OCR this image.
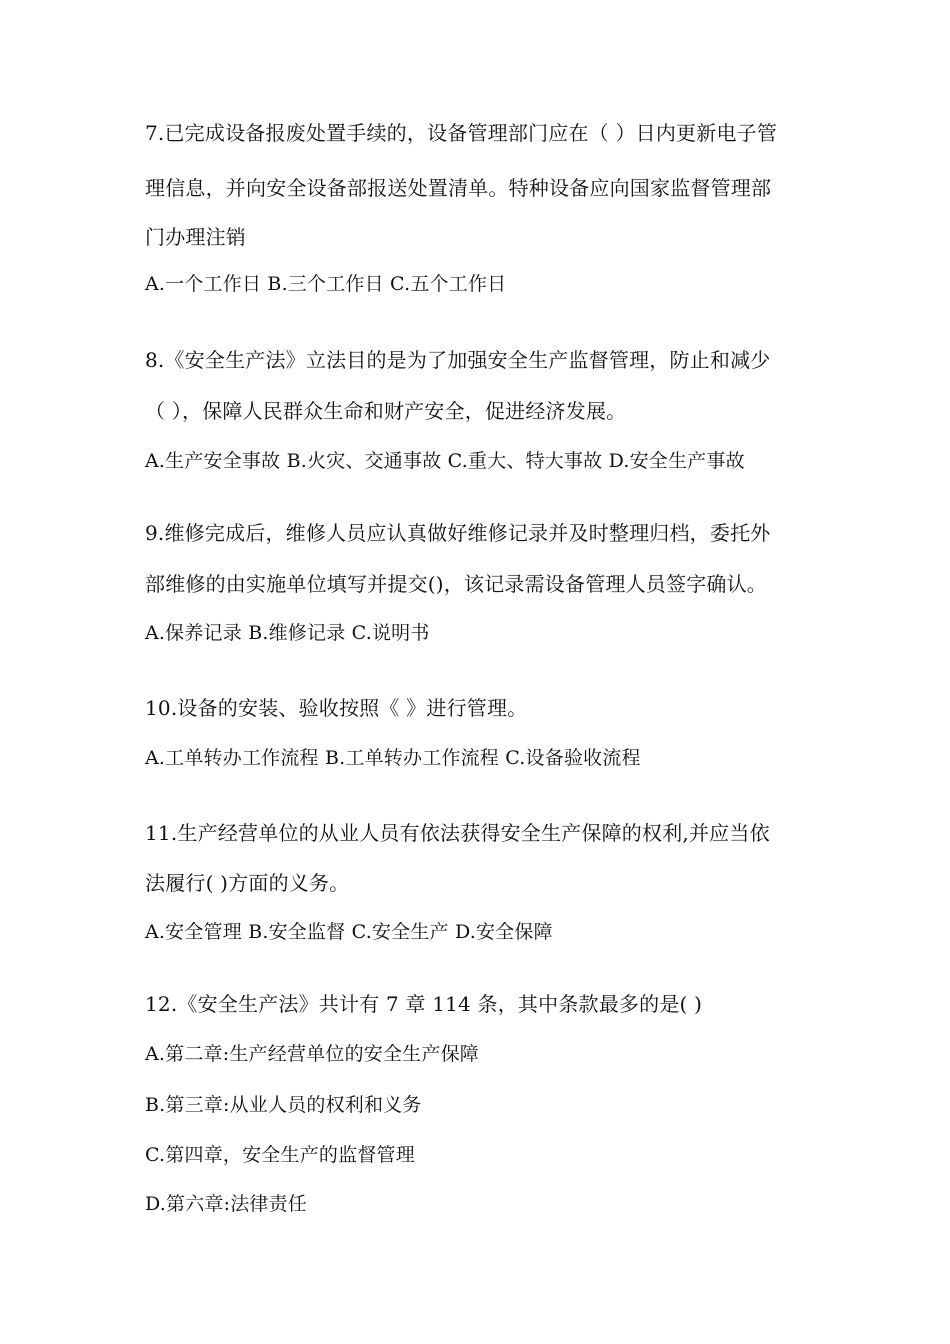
7.已完成设备报废处置手续的，设备管理部门应在（ ）日内更新电子管
理信息，并向安全设备部报送处置清单。特种设备应向国家监督管理部
门办理注销
A.一个工作日 B.三个工作日 C.五个工作日
8.《安全生产法》立法目的是为了加强安全生产监督管理，防止和减少
（ ），保障人民群众生命和财产安全，促进经济发展。
A.生产安全事故 B.火灾、交通事故 C.重大、特大事故 D.安全生产事故
9.维修完成后，维修人员应认真做好维修记录并及时整理归档，委托外
部维修的由实施单位填写并提交()，该记录需设备管理人员签字确认。
A.保养记录 B.维修记录 C.说明书
10.设备的安装、验收按照《 》进行管理。
A.工单转办工作流程 B.工单转办工作流程 C.设备验收流程
11.生产经营单位的从业人员有依法获得安全生产保障的权利,并应当依
法履行( )方面的义务。
A.安全管理 B.安全监督 C.安全生产 D.安全保障
12.《安全生产法》共计有 7 章 114 条，其中条款最多的是( )
A.第二章:生产经营单位的安全生产保障
B.第三章:从业人员的权利和义务
C.第四章，安全生产的监督管理
D.第六章:法律责任
